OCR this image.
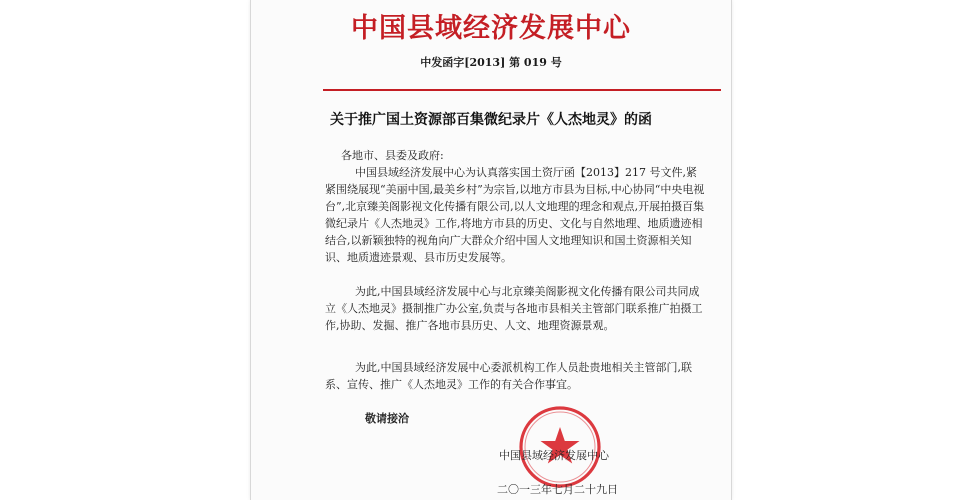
中国县域经济发展中心
中发函字[2013] 第 019 号
关于推广国土资源部百集微纪录片《人杰地灵》的函
各地市、县委及政府:

中国县域经济发展中心为认真落实国土资厅函【2013】217 号文件,紧紧围绕展现“美丽中国,最美乡村”为宗旨,以地方市县为目标,中心协同“中央电视台”,北京臻美阁影视文化传播有限公司,以人文地理的理念和观点,开展拍摄百集微纪录片《人杰地灵》工作,将地方市县的历史、文化与自然地理、地质遗迹相结合,以新颖独特的视角向广大群众介绍中国人文地理知识和国土资源相关知识、地质遗迹景观、县市历史发展等。

为此,中国县域经济发展中心与北京臻美阁影视文化传播有限公司共同成立《人杰地灵》摄制推广办公室,负责与各地市县相关主管部门联系推广拍摄工作,协助、发掘、推广各地市县历史、人文、地理资源景观。

为此,中国县域经济发展中心委派机构工作人员赴贵地相关主管部门,联系、宣传、推广《人杰地灵》工作的有关合作事宜。

敬请接洽
中国县域经济发展中心
二〇一三年七月二十九日
